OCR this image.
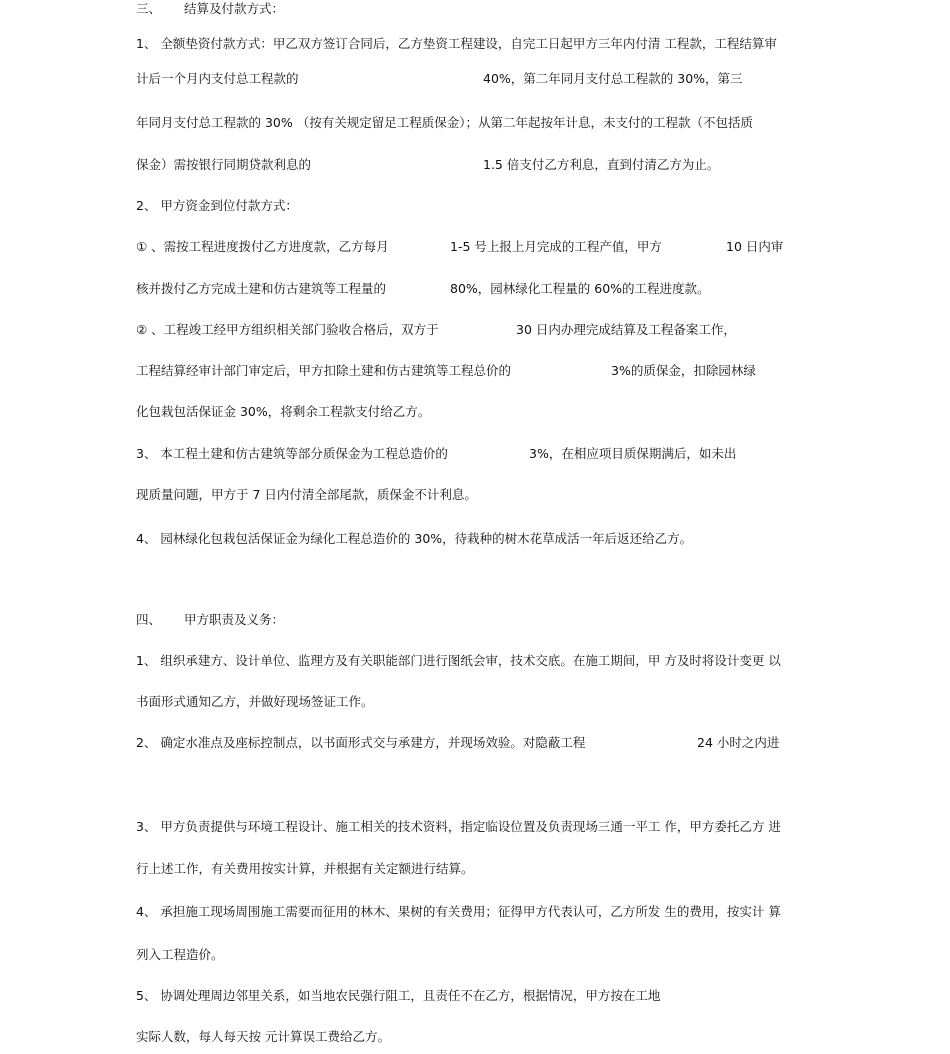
三、 结算及付款方式：
1、 全额垫资付款方式：甲乙双方签订合同后，乙方垫资工程建设，自完工日起甲方三年内付清 工程款，工程结算审
计后一个月内支付总工程款的	40%，第二年同月支付总工程款的 30%，第三
年同月支付总工程款的 30% （按有关规定留足工程质保金）；从第二年起按年计息，未支付的工程款（不包括质
保金）需按银行同期贷款利息的	1.5 倍支付乙方利息，直到付清乙方为止。
2、 甲方资金到位付款方式：
① 、需按工程进度拨付乙方进度款，乙方每月	1-5 号上报上月完成的工程产值，甲方	10 日内审
核并拨付乙方完成土建和仿古建筑等工程量的	80%，园林绿化工程量的 60%的工程进度款。
② 、工程竣工经甲方组织相关部门验收合格后，双方于	30 日内办理完成结算及工程备案工作，
工程结算经审计部门审定后，甲方扣除土建和仿古建筑等工程总价的	3%的质保金，扣除园林绿
化包栽包活保证金 30%，将剩余工程款支付给乙方。
3、 本工程土建和仿古建筑等部分质保金为工程总造价的	3%，在相应项目质保期满后，如未出
现质量问题，甲方于 7 日内付清全部尾款，质保金不计利息。
4、 园林绿化包栽包活保证金为绿化工程总造价的 30%，待栽种的树木花草成活一年后返还给乙方。
四、 甲方职责及义务：
1、 组织承建方、设计单位、监理方及有关职能部门进行图纸会审，技术交底。在施工期间，甲 方及时将设计变更 以
书面形式通知乙方，并做好现场签证工作。
2、 确定水准点及座标控制点，以书面形式交与承建方，并现场效验。对隐蔽工程	24 小时之内进
3、 甲方负责提供与环境工程设计、施工相关的技术资料，指定临设位置及负责现场三通一平工 作，甲方委托乙方 进
行上述工作，有关费用按实计算，并根据有关定额进行结算。
4、 承担施工现场周围施工需要而征用的林木、果树的有关费用；征得甲方代表认可，乙方所发 生的费用，按实计 算
列入工程造价。
5、 协调处理周边邻里关系，如当地农民强行阻工，且责任不在乙方，根据情况，甲方按在工地
实际人数，每人每天按 元计算误工费给乙方。
